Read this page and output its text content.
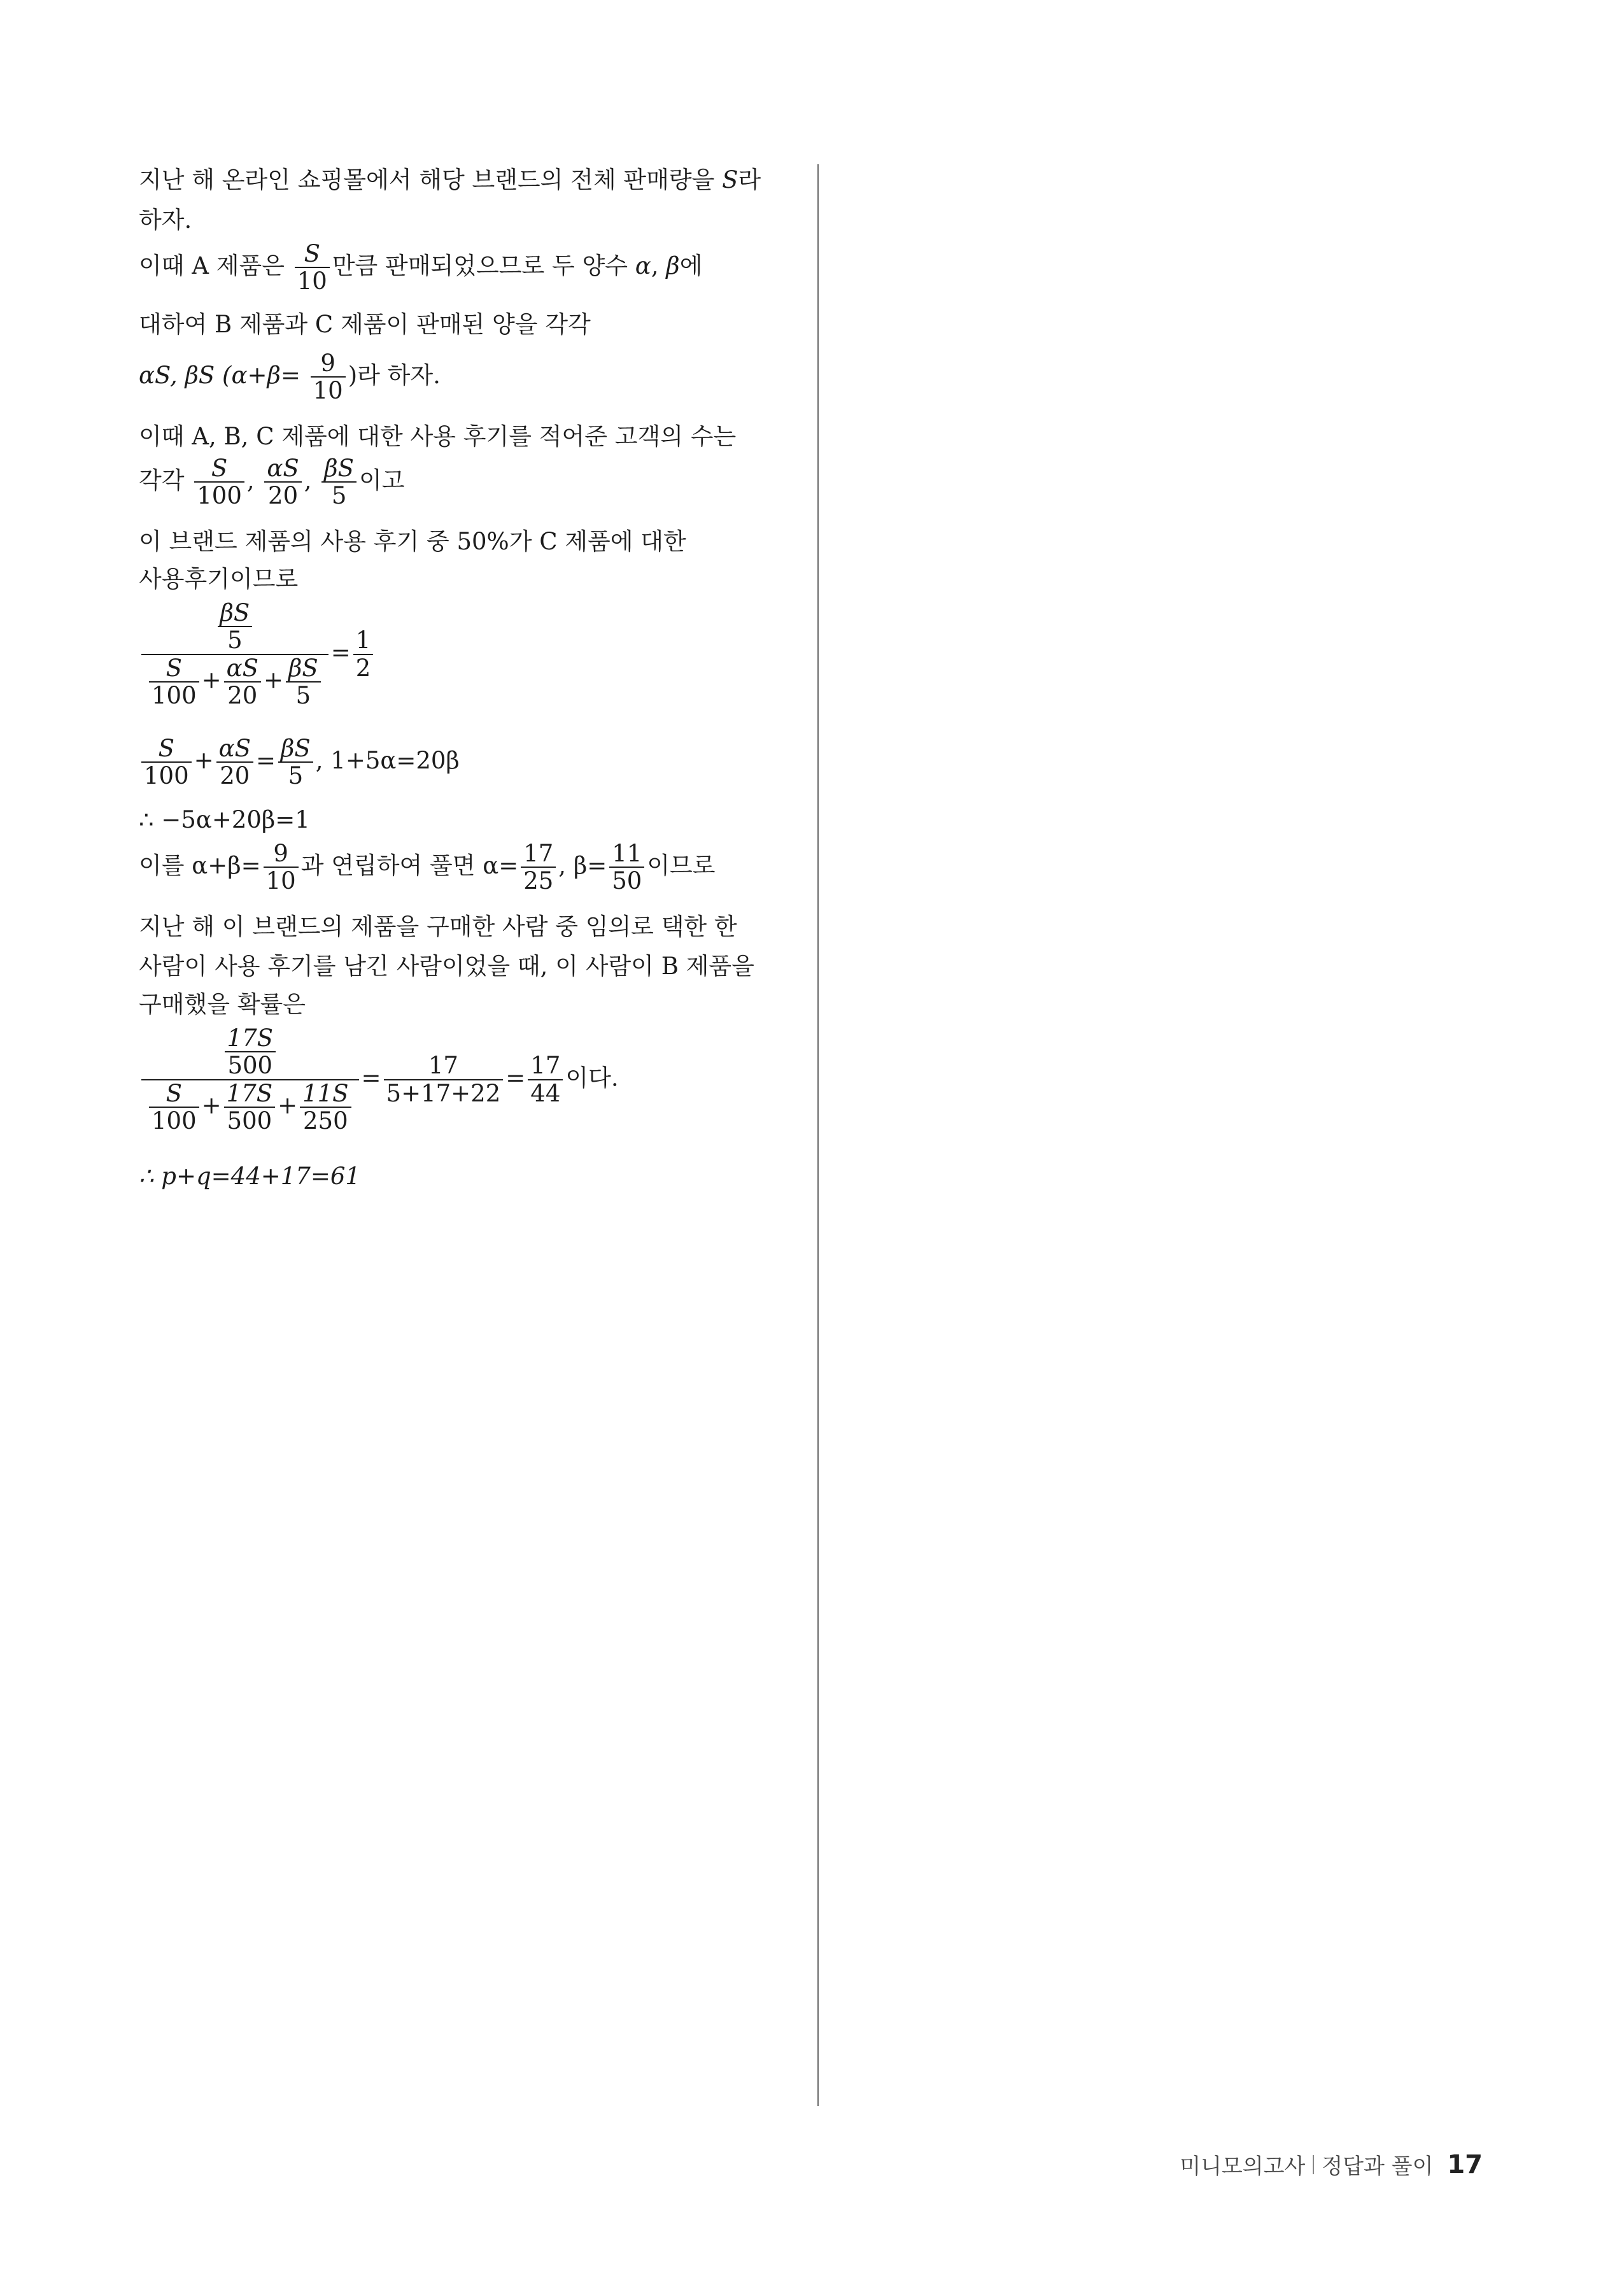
지난 해 온라인 쇼핑몰에서 해당 브랜드의 전체 판매량을 S라
하자.
이때 A 제품은 $\frac{S}{10}$ 만큼 판매되었으므로 두 양수 α, β에
대하여 B 제품과 C 제품이 판매된 양을 각각
αS, βS ($\alpha+\beta= \frac{9}{10}$ )라 하자.
이때 A, B, C 제품에 대한 사용 후기를 적어준 고객의 수는
각각 $\frac{S}{100}$ , $\frac{\alpha S}{20}$ , $\frac{\beta S}{5}$ 이고
이 브랜드 제품의 사용 후기 중 50%가 C 제품에 대한
사용후기이므로
$\frac{\frac{\beta S}{5}}{\frac{S}{100} + \frac{\alpha S}{20} + \frac{\beta S}{5}} = \frac{1}{2}$
$\frac{S}{100} + \frac{\alpha S}{20} = \frac{\beta S}{5}$ , 1+5α=20β
∴ −5α+20β=1
이를 $\alpha+\beta= \frac{9}{10}$ 과 연립하여 풀면 $\alpha= \frac{17}{25}$ , $\beta= \frac{11}{50}$ 이므로
지난 해 이 브랜드의 제품을 구매한 사람 중 임의로 택한 한
사람이 사용 후기를 남긴 사람이었을 때, 이 사람이 B 제품을
구매했을 확률은
$\frac{\frac{17S}{500}}{\frac{S}{100} + \frac{17S}{500} + \frac{11S}{250}} = \frac{17}{5+17+22} = \frac{17}{44}$ 이다.
∴ p+q=44+17=61
미니모의고사 정답과 풀이 17
